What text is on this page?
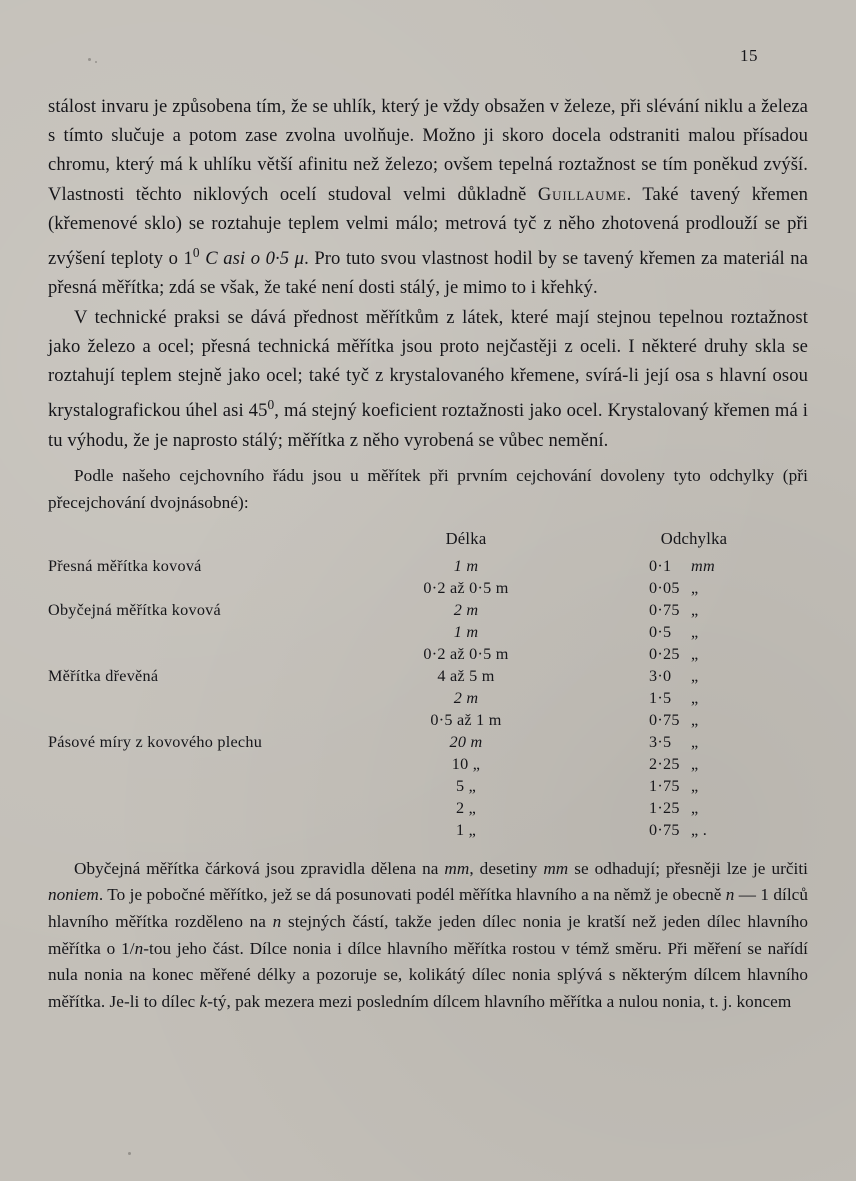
15

stálost invaru je způsobena tím, že se uhlík, který je vždy obsažen v železe, při slévání niklu a železa s tímto slučuje a potom zase zvolna uvolňuje. Možno ji skoro docela odstraniti malou přísadou chromu, který má k uhlíku větší afinitu než železo; ovšem tepelná roztažnost se tím poněkud zvýší. Vlastnosti těchto niklových ocelí studoval velmi důkladně Guillaume. Také tavený křemen (křemenové sklo) se roztahuje teplem velmi málo; metrová tyč z něho zhotovená prodlouží se při zvýšení teploty o $1^0$ C asi o 0·5 μ. Pro tuto svou vlastnost hodil by se tavený křemen za materiál na přesná měřítka; zdá se však, že také není dosti stálý, je mimo to i křehký.

V technické praksi se dává přednost měřítkům z látek, které mají stejnou tepelnou roztažnost jako železo a ocel; přesná technická měřítka jsou proto nejčastěji z oceli. I některé druhy skla se roztahují teplem stejně jako ocel; také tyč z krystalovaného křemene, svírá-li její osa s hlavní osou krystalografickou úhel asi $45^0$, má stejný koeficient roztažnosti jako ocel. Krystalovaný křemen má i tu výhodu, že je naprosto stálý; měřítka z něho vyrobená se vůbec nemění.

Podle našeho cejchovního řádu jsou u měřítek při prvním cejchování dovoleny tyto odchylky (při přecejchování dvojnásobné):

	Délka	Odchylka
Přesná měřítka kovová	1 m	0·1 mm
	0·2 až 0·5 m	0·05 „
Obyčejná měřítka kovová	2 m	0·75 „
	1 m	0·5 „
	0·2 až 0·5 m	0·25 „
Měřítka dřevěná	4 až 5 m	3·0 „
	2 m	1·5 „
	0·5 až 1 m	0·75 „
Pásové míry z kovového plechu	20 m	3·5 „
	10 „	2·25 „
	5 „	1·75 „
	2 „	1·25 „
	1 „	0·75 „ .

Obyčejná měřítka čárková jsou zpravidla dělena na mm, desetiny mm se odhadují; přesněji lze je určiti noniem. To je pobočné měřítko, jež se dá posunovati podél měřítka hlavního a na němž je obecně n — 1 dílců hlavního měřítka rozděleno na n stejných částí, takže jeden dílec nonia je kratší než jeden dílec hlavního měřítka o 1/n-tou jeho část. Dílce nonia i dílce hlavního měřítka rostou v témž směru. Při měření se nařídí nula nonia na konec měřené délky a pozoruje se, kolikátý dílec nonia splývá s některým dílcem hlavního měřítka. Je-li to dílec k-tý, pak mezera mezi posledním dílcem hlavního měřítka a nulou nonia, t. j. koncem
